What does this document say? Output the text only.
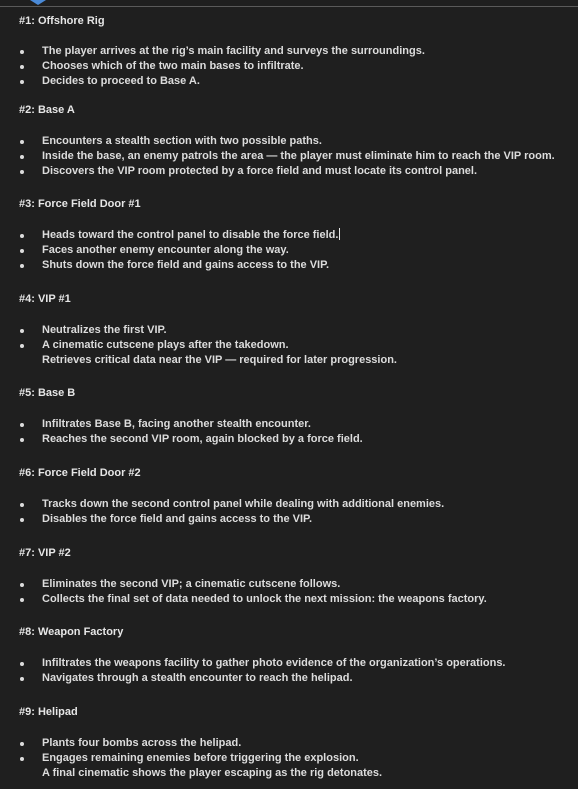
#1: Offshore Rig
The player arrives at the rig’s main facility and surveys the surroundings.
Chooses which of the two main bases to infiltrate.
Decides to proceed to Base A.
#2: Base A
Encounters a stealth section with two possible paths.
Inside the base, an enemy patrols the area — the player must eliminate him to reach the VIP room.
Discovers the VIP room protected by a force field and must locate its control panel.
#3: Force Field Door #1
Heads toward the control panel to disable the force field.
Faces another enemy encounter along the way.
Shuts down the force field and gains access to the VIP.
#4: VIP #1
Neutralizes the first VIP.
A cinematic cutscene plays after the takedown.
Retrieves critical data near the VIP — required for later progression.
#5: Base B
Infiltrates Base B, facing another stealth encounter.
Reaches the second VIP room, again blocked by a force field.
#6: Force Field Door #2
Tracks down the second control panel while dealing with additional enemies.
Disables the force field and gains access to the VIP.
#7: VIP #2
Eliminates the second VIP; a cinematic cutscene follows.
Collects the final set of data needed to unlock the next mission: the weapons factory.
#8: Weapon Factory
Infiltrates the weapons facility to gather photo evidence of the organization’s operations.
Navigates through a stealth encounter to reach the helipad.
#9: Helipad
Plants four bombs across the helipad.
Engages remaining enemies before triggering the explosion.
A final cinematic shows the player escaping as the rig detonates.
